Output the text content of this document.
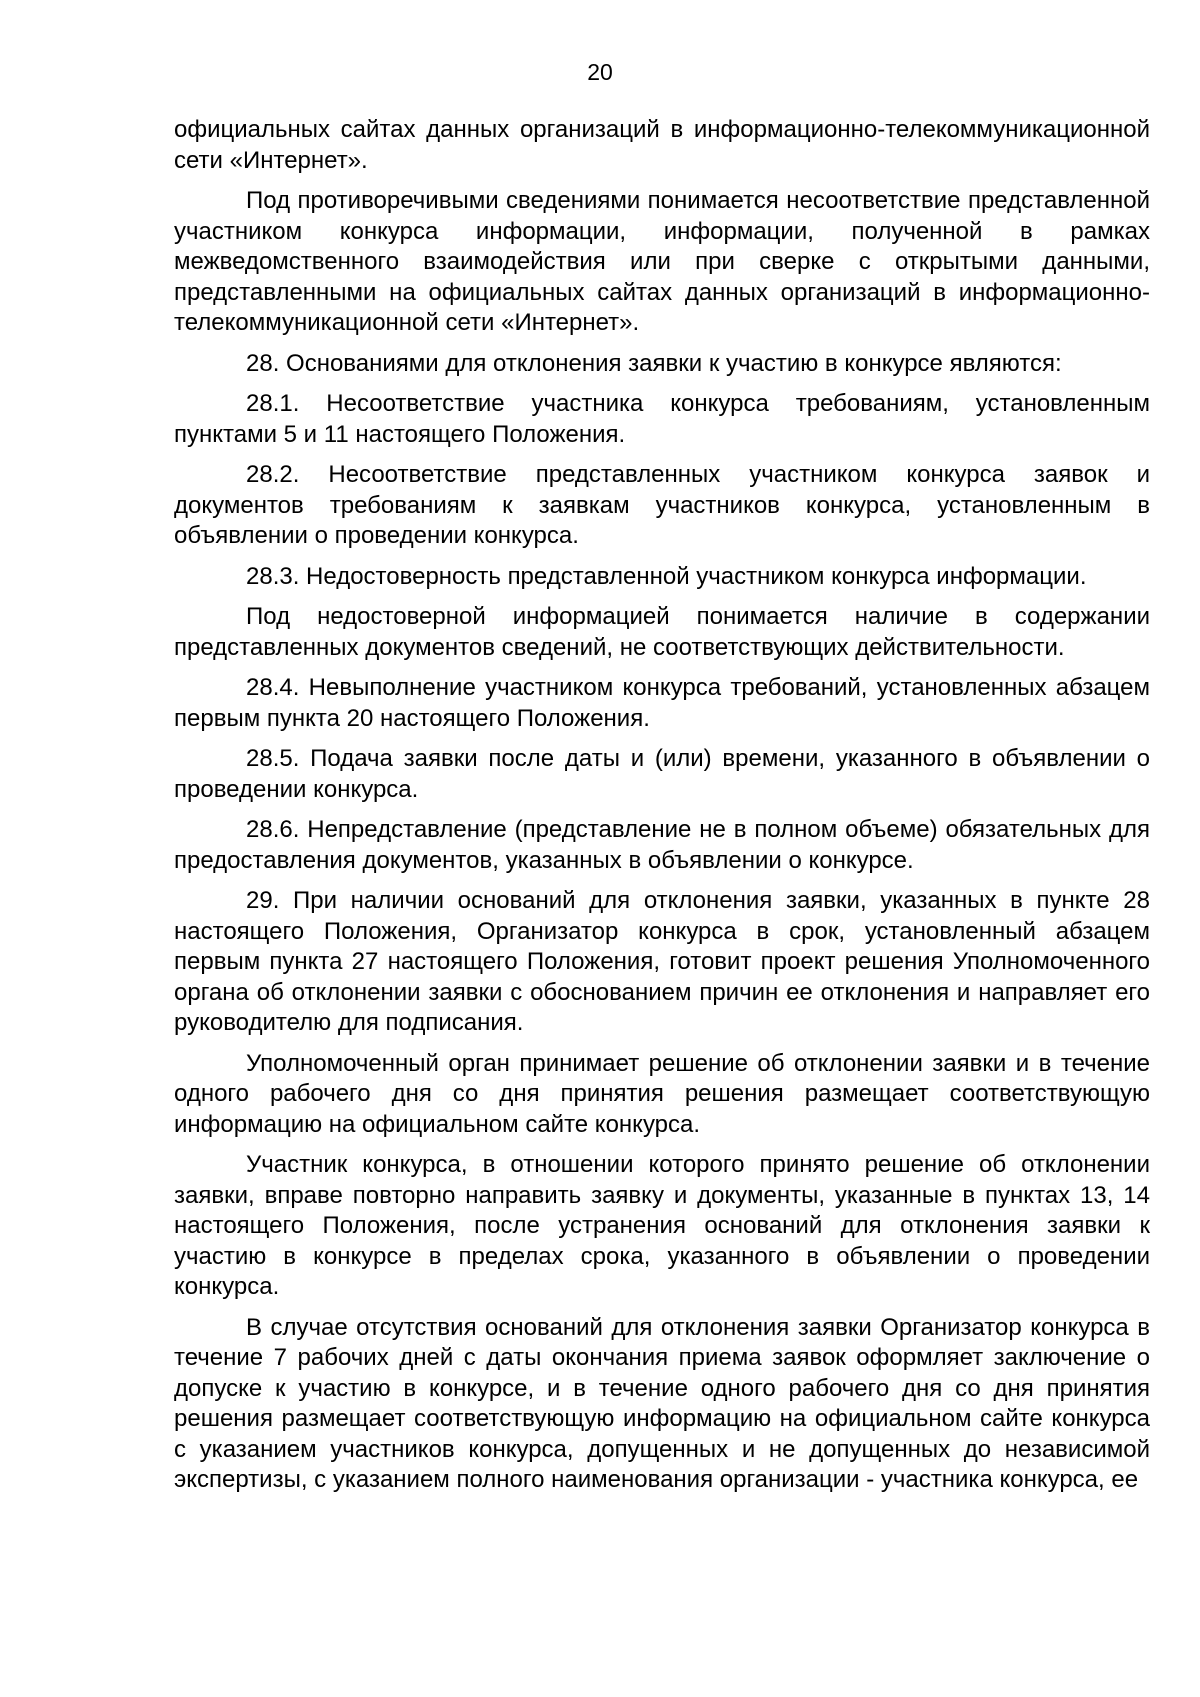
20

официальных сайтах данных организаций в информационно-телекоммуникационной сети «Интернет».

Под противоречивыми сведениями понимается несоответствие представленной участником конкурса информации, информации, полученной в рамках межведомственного взаимодействия или при сверке с открытыми данными, представленными на официальных сайтах данных организаций в информационно-телекоммуникационной сети «Интернет».

28. Основаниями для отклонения заявки к участию в конкурсе являются:

28.1. Несоответствие участника конкурса требованиям, установленным пунктами 5 и 11 настоящего Положения.

28.2. Несоответствие представленных участником конкурса заявок и документов требованиям к заявкам участников конкурса, установленным в объявлении о проведении конкурса.

28.3. Недостоверность представленной участником конкурса информации.

Под недостоверной информацией понимается наличие в содержании представленных документов сведений, не соответствующих действительности.

28.4. Невыполнение участником конкурса требований, установленных абзацем первым пункта 20 настоящего Положения.

28.5. Подача заявки после даты и (или) времени, указанного в объявлении о проведении конкурса.

28.6. Непредставление (представление не в полном объеме) обязательных для предоставления документов, указанных в объявлении о конкурсе.

29. При наличии оснований для отклонения заявки, указанных в пункте 28 настоящего Положения, Организатор конкурса в срок, установленный абзацем первым пункта 27 настоящего Положения, готовит проект решения Уполномоченного органа об отклонении заявки с обоснованием причин ее отклонения и направляет его руководителю для подписания.

Уполномоченный орган принимает решение об отклонении заявки и в течение одного рабочего дня со дня принятия решения размещает соответствующую информацию на официальном сайте конкурса.

Участник конкурса, в отношении которого принято решение об отклонении заявки, вправе повторно направить заявку и документы, указанные в пунктах 13, 14 настоящего Положения, после устранения оснований для отклонения заявки к участию в конкурсе в пределах срока, указанного в объявлении о проведении конкурса.

В случае отсутствия оснований для отклонения заявки Организатор конкурса в течение 7 рабочих дней с даты окончания приема заявок оформляет заключение о допуске к участию в конкурсе, и в течение одного рабочего дня со дня принятия решения размещает соответствующую информацию на официальном сайте конкурса с указанием участников конкурса, допущенных и не допущенных до независимой экспертизы, с указанием полного наименования организации - участника конкурса, ее
